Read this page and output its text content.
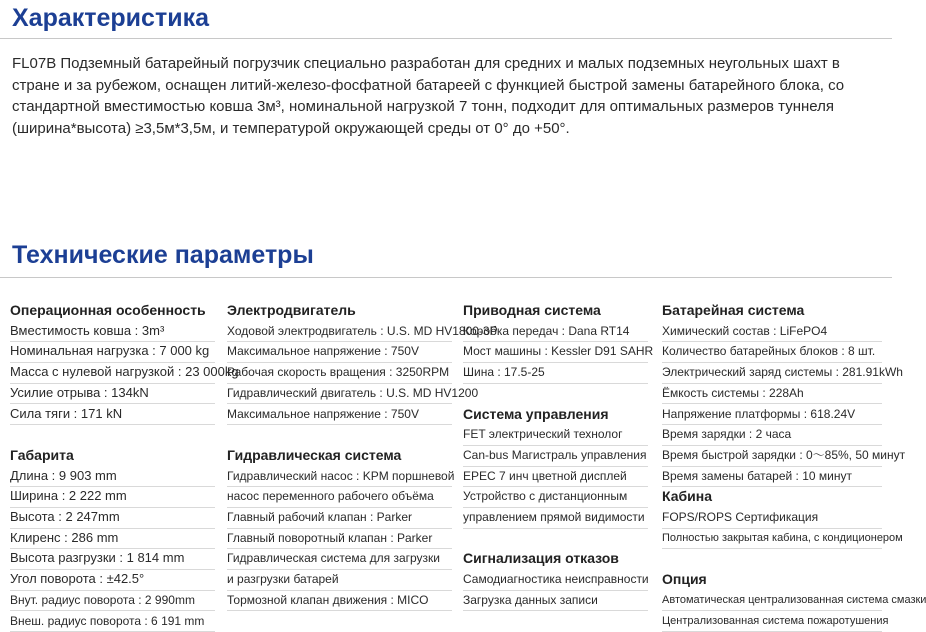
Характеристика

FL07B Подземный батарейный погрузчик специально разработан для средних и малых подземных неугольных шахт в стране и за рубежом, оснащен литий-железо-фосфатной батареей с функцией быстрой замены батарейного блока, со стандартной вместимостью ковша 3м³, номинальной нагрузкой 7 тонн, подходит для оптимальных размеров туннеля (ширина*высота) ≥3,5м*3,5м, и температурой окружающей среды от 0° до +50°.

Технические параметры
Операционная особенность
Вместимость ковша : 3m³
Номинальная нагрузка : 7 000 kg
Масса с нулевой нагрузкой : 23 000kg
Усилие отрыва : 134kN
Сила тяги : 171 kN
Габарита
Длина : 9 903 mm
Ширина : 2 222 mm
Высота : 2 247mm
Клиренс : 286 mm
Высота разгрузки : 1 814 mm
Угол поворота : ±42.5°
Внут. радиус поворота : 2 990mm
Внеш. радиус поворота : 6 191 mm
Электродвигатель
Ходовой электродвигатель : U.S. MD HV1800-3P
Максимальное напряжение : 750V
Рабочая скорость вращения : 3250RPM
Гидравлический двигатель : U.S. MD HV1200
Максимальное напряжение : 750V
Гидравлическая система
Гидравлический насос : KPM поршневой
насос переменного рабочего объёма
Главный рабочий клапан : Parker
Главный поворотный клапан : Parker
Гидравлическая система для загрузки
и разгрузки батарей
Тормозной клапан движения : MICO
Приводная система
Коробка передач : Dana RT14
Мост машины : Kessler D91 SAHR
Шина : 17.5-25
Система управления
FET электрический технолог
Can-bus Магистраль управления
EPEC 7 инч цветной дисплей
Устройство с дистанционным
управлением прямой видимости
Сигнализация отказов
Самодиагностика неисправности
Загрузка данных записи
Батарейная система
Химический состав : LiFePO4
Количество батарейных блоков : 8 шт.
Электрический заряд системы : 281.91kWh
Ёмкость системы : 228Ah
Напряжение платформы : 618.24V
Время зарядки : 2 часа
Время быстрой зарядки : 0～85%, 50 минут
Время замены батарей : 10 минут
Кабина
FOPS/ROPS Сертификация
Полностью закрытая кабина, с кондиционером
Опция
Автоматическая централизованная система смазки
Централизованная система пожаротушения
